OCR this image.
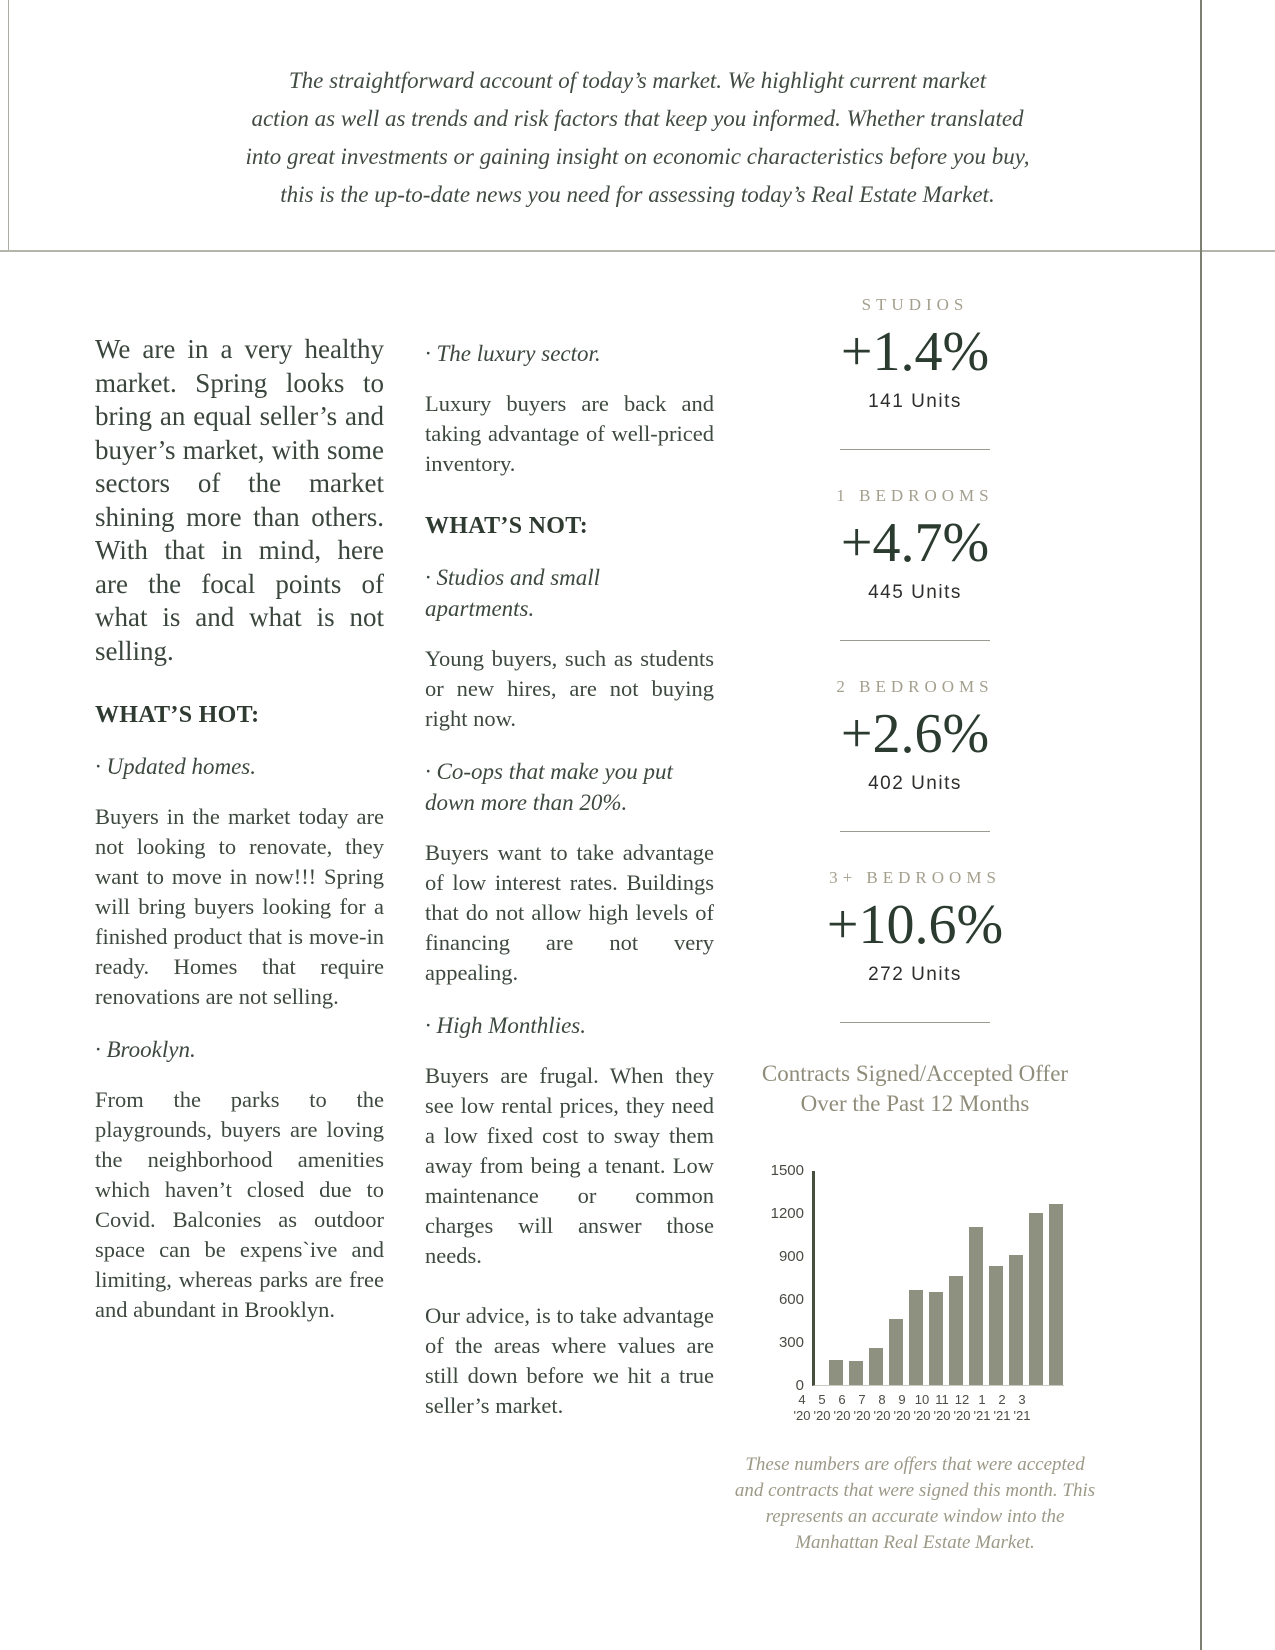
The straightforward account of today’s market. We highlight current market
action as well as trends and risk factors that keep you informed. Whether translated
into great investments or gaining insight on economic characteristics before you buy,
this is the up-to-date news you need for assessing today’s Real Estate Market.

We are in a very healthy market. Spring looks to bring an equal seller’s and buyer’s market, with some sectors of the market shining more than others. With that in mind, here are the focal points of what is and what is not selling.

WHAT’S HOT:

· Updated homes.

Buyers in the market today are not looking to renovate, they want to move in now!!! Spring will bring buyers looking for a finished product that is move-in ready. Homes that require renovations are not selling.

· Brooklyn.

From the parks to the playgrounds, buyers are loving the neighborhood amenities which haven’t closed due to Covid. Balconies as outdoor space can be expens`ive and limiting, whereas parks are free and abundant in Brooklyn.

· The luxury sector.

Luxury buyers are back and taking advantage of well-priced inventory.

WHAT’S NOT:

· Studios and small apartments.

Young buyers, such as students or new hires, are not buying right now.

· Co-ops that make you put down more than 20%.

Buyers want to take advantage of low interest rates. Buildings that do not allow high levels of financing are not very appealing.

· High Monthlies.

Buyers are frugal. When they see low rental prices, they need a low fixed cost to sway them away from being a tenant. Low maintenance or common charges will answer those needs.

Our advice, is to take advantage of the areas where values are still down before we hit a true seller’s market.

STUDIOS
+1.4%
141 Units
1 BEDROOMS
+4.7%
445 Units
2 BEDROOMS
+2.6%
402 Units
3+ BEDROOMS
+10.6%
272 Units
Contracts Signed/Accepted Offer Over the Past 12 Months
0
300
600
900
1200
1500
4
'20
5
'20
6
'20
7
'20
8
'20
9
'20
10
'20
11
'20
12
'20
1
'21
2
'21
3
'21
These numbers are offers that were accepted and contracts that were signed this month. This represents an accurate window into the Manhattan Real Estate Market.
